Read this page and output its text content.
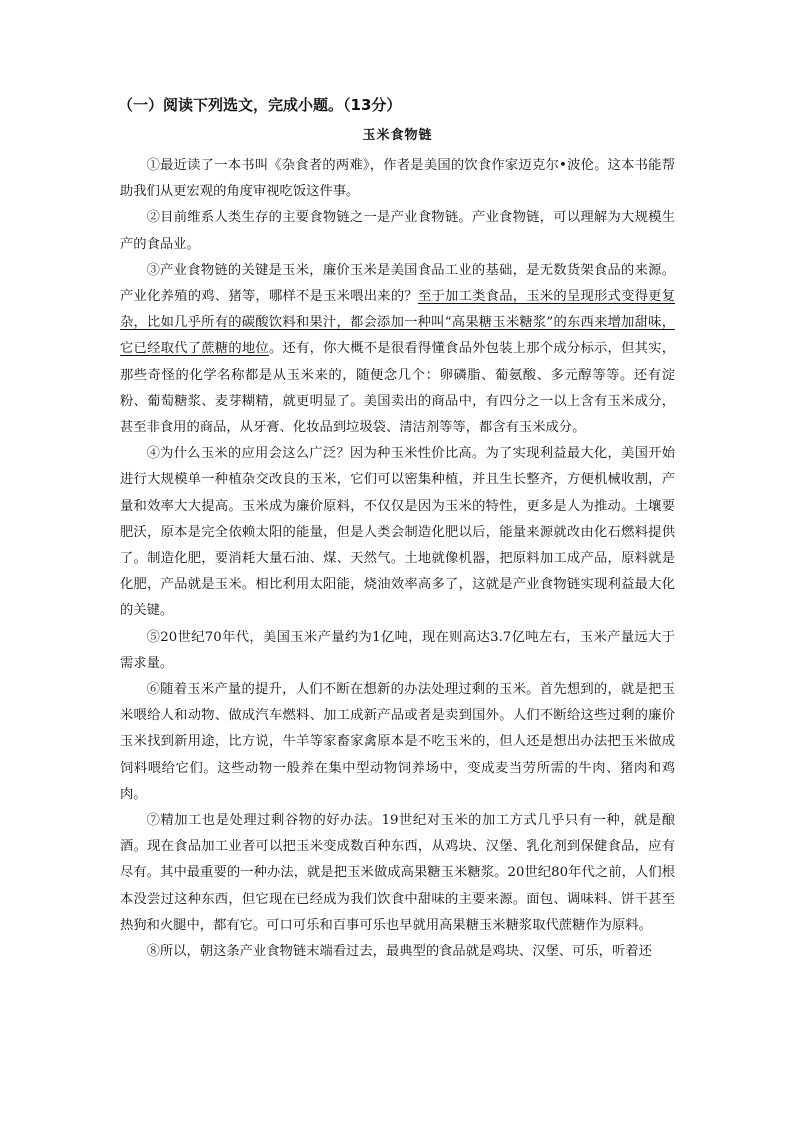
（一）阅读下列选文，完成小题。（13分）
玉米食物链

①最近读了一本书叫《杂食者的两难》，作者是美国的饮食作家迈克尔•波伦。这本书能帮助我们从更宏观的角度审视吃饭这件事。

②目前维系人类生存的主要食物链之一是产业食物链。产业食物链，可以理解为大规模生产的食品业。

③产业食物链的关键是玉米，廉价玉米是美国食品工业的基础，是无数货架食品的来源。产业化养殖的鸡、猪等，哪样不是玉米喂出来的？至于加工类食品，玉米的呈现形式变得更复杂，比如几乎所有的碳酸饮料和果汁，都会添加一种叫“高果糖玉米糖浆”的东西来增加甜味，它已经取代了蔗糖的地位。还有，你大概不是很看得懂食品外包装上那个成分标示，但其实，那些奇怪的化学名称都是从玉米来的，随便念几个：卵磷脂、葡氨酸、多元醇等等。还有淀粉、葡萄糖浆、麦芽糊精，就更明显了。美国卖出的商品中，有四分之一以上含有玉米成分，甚至非食用的商品，从牙膏、化妆品到垃圾袋、清洁剂等等，都含有玉米成分。

④为什么玉米的应用会这么广泛？因为种玉米性价比高。为了实现利益最大化，美国开始进行大规模单一种植杂交改良的玉米，它们可以密集种植，并且生长整齐，方便机械收割，产量和效率大大提高。玉米成为廉价原料，不仅仅是因为玉米的特性，更多是人为推动。土壤要肥沃，原本是完全依赖太阳的能量，但是人类会制造化肥以后，能量来源就改由化石燃料提供了。制造化肥，要消耗大量石油、煤、天然气。土地就像机器，把原料加工成产品，原料就是化肥，产品就是玉米。相比利用太阳能，烧油效率高多了，这就是产业食物链实现利益最大化的关键。

⑤20世纪70年代，美国玉米产量约为1亿吨，现在则高达3.7亿吨左右，玉米产量远大于需求量。

⑥随着玉米产量的提升，人们不断在想新的办法处理过剩的玉米。首先想到的，就是把玉米喂给人和动物、做成汽车燃料、加工成新产品或者是卖到国外。人们不断给这些过剩的廉价玉米找到新用途，比方说，牛羊等家畜家禽原本是不吃玉米的，但人还是想出办法把玉米做成饲料喂给它们。这些动物一般养在集中型动物饲养场中，变成麦当劳所需的牛肉、猪肉和鸡肉。

⑦精加工也是处理过剩谷物的好办法。19世纪对玉米的加工方式几乎只有一种，就是酿酒。现在食品加工业者可以把玉米变成数百种东西，从鸡块、汉堡、乳化剂到保健食品，应有尽有。其中最重要的一种办法，就是把玉米做成高果糖玉米糖浆。20世纪80年代之前，人们根本没尝过这种东西，但它现在已经成为我们饮食中甜味的主要来源。面包、调味料、饼干甚至热狗和火腿中，都有它。可口可乐和百事可乐也早就用高果糖玉米糖浆取代蔗糖作为原料。

⑧所以，朝这条产业食物链末端看过去，最典型的食品就是鸡块、汉堡、可乐，听着还
